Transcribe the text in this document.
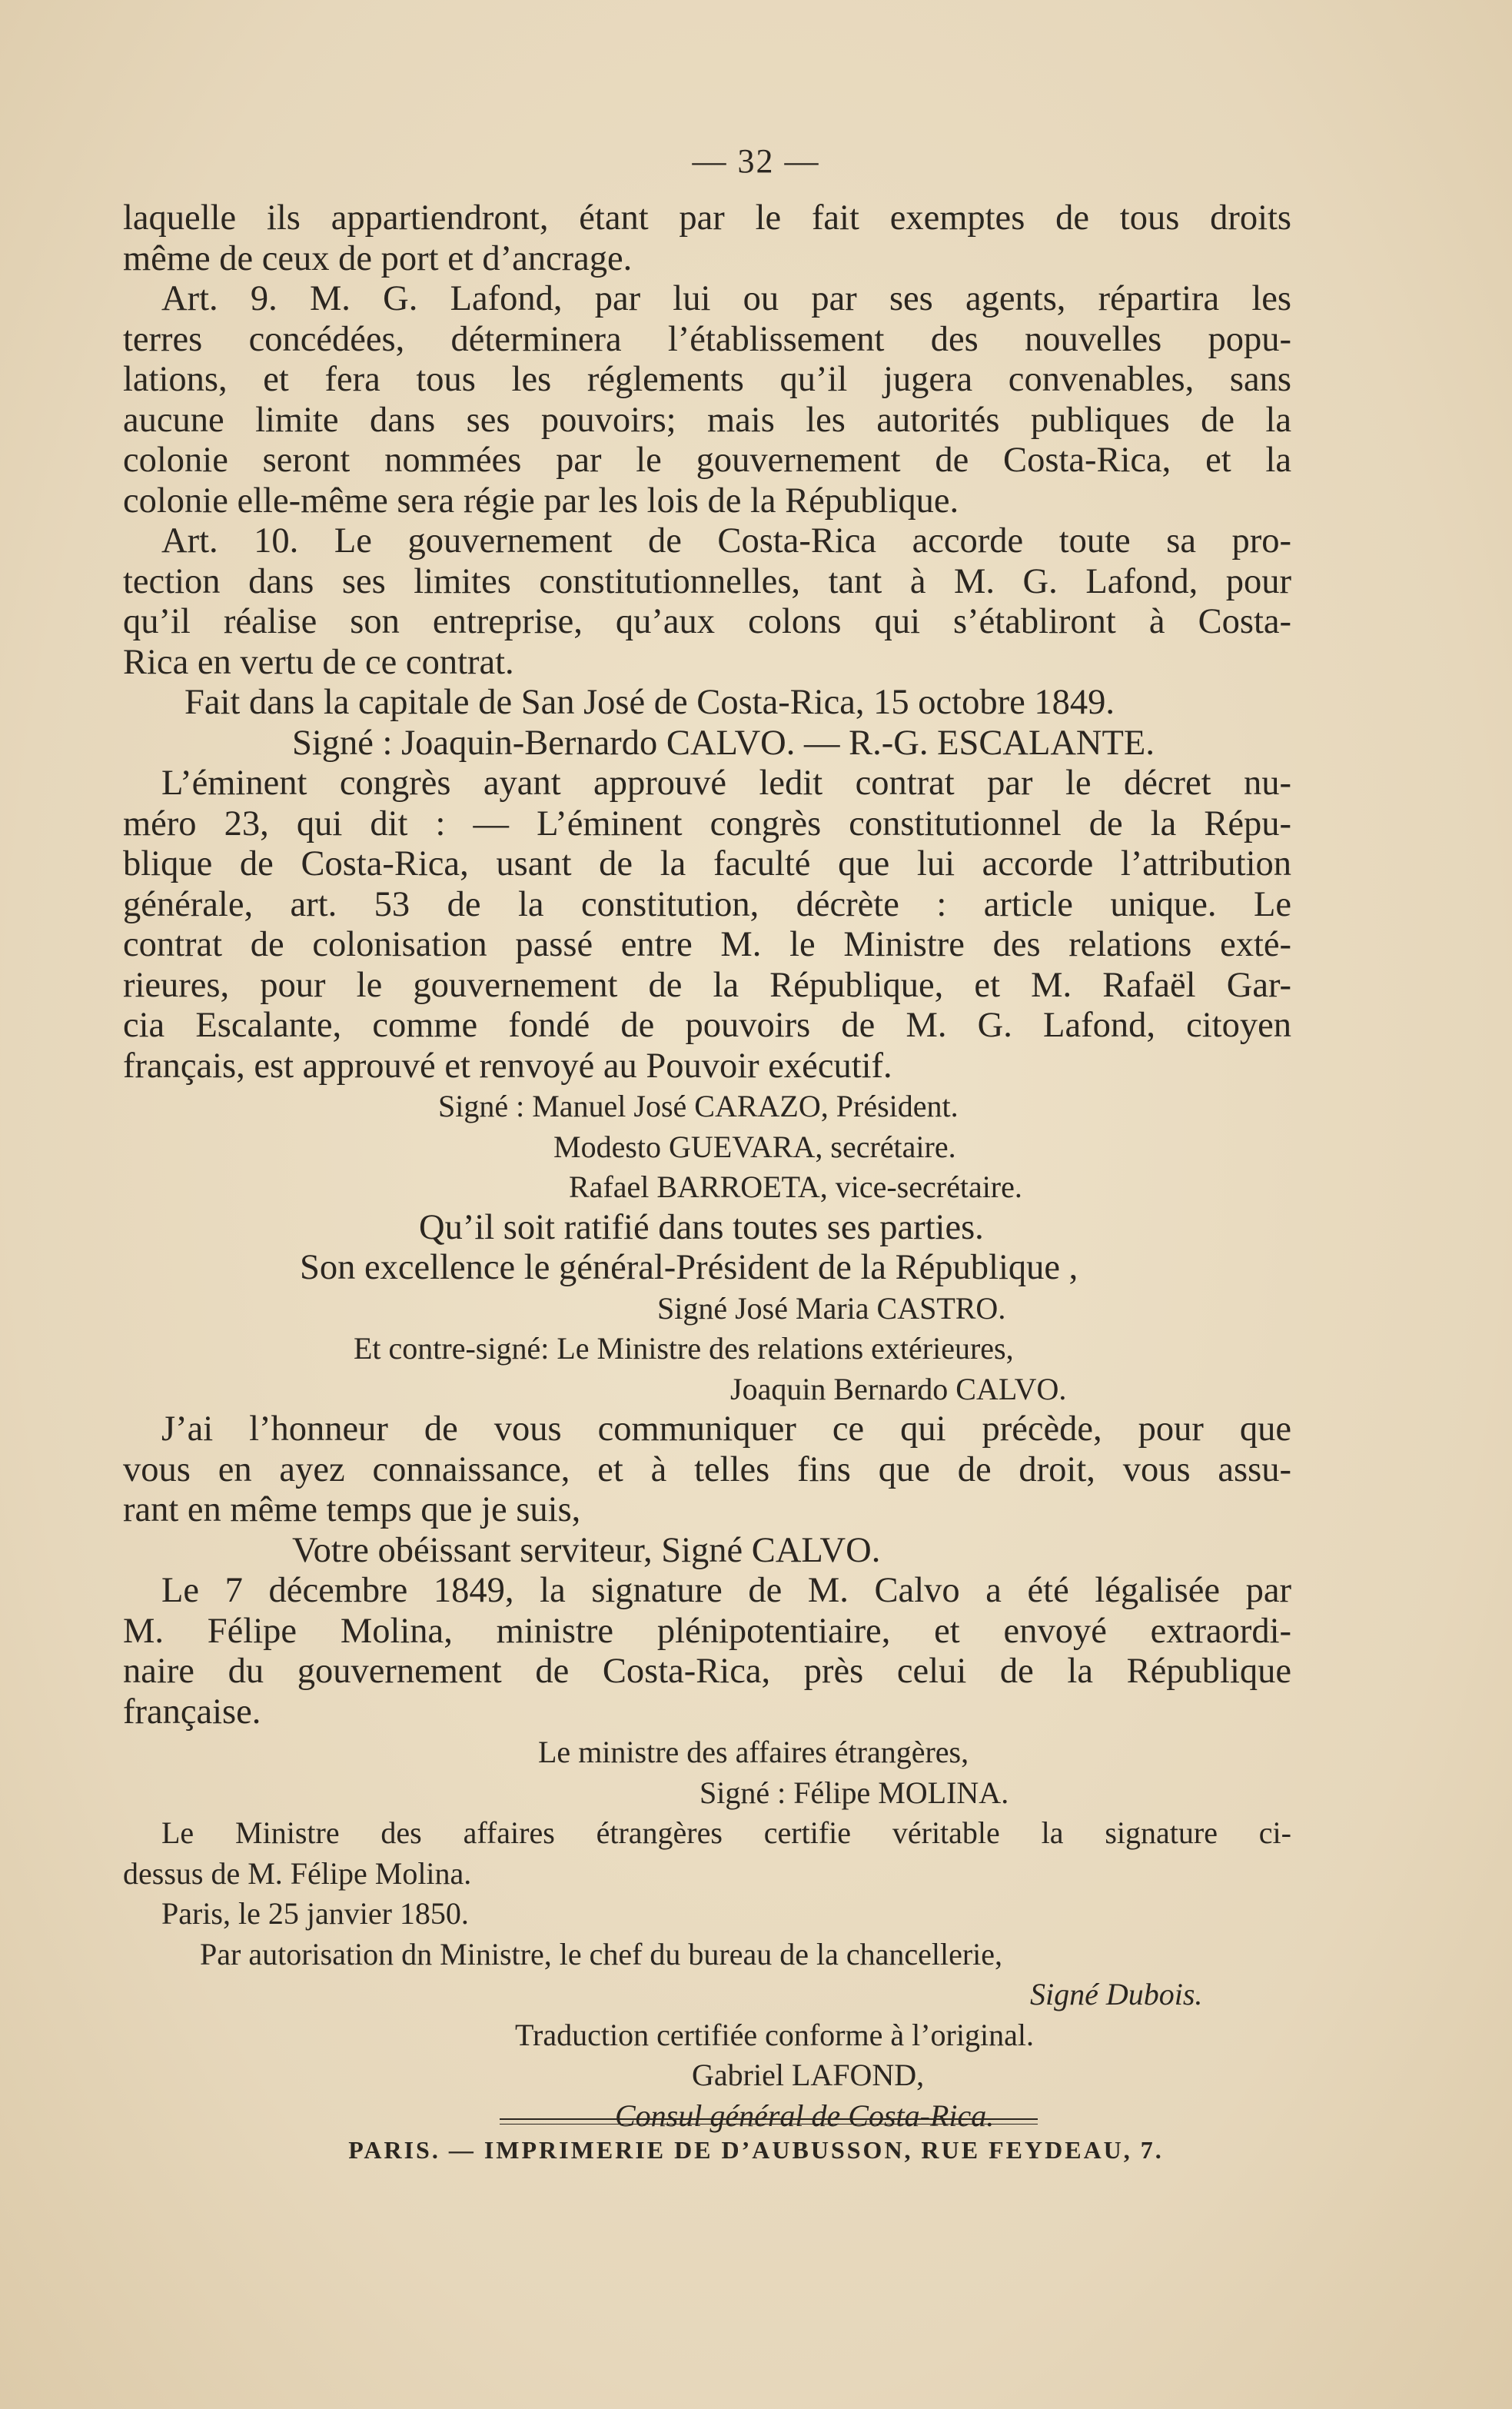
— 32 —
laquelle ils appartiendront, étant par le fait exemptes de tous droits
même de ceux de port et d’ancrage.
Art. 9. M. G. Lafond, par lui ou par ses agents, répartira les
terres concédées, déterminera l’établissement des nouvelles popu-
lations, et fera tous les réglements qu’il jugera convenables, sans
aucune limite dans ses pouvoirs; mais les autorités publiques de la
colonie seront nommées par le gouvernement de Costa-Rica, et la
colonie elle-même sera régie par les lois de la République.
Art. 10. Le gouvernement de Costa-Rica accorde toute sa pro-
tection dans ses limites constitutionnelles, tant à M. G. Lafond, pour
qu’il réalise son entreprise, qu’aux colons qui s’établiront à Costa-
Rica en vertu de ce contrat.
Fait dans la capitale de San José de Costa-Rica, 15 octobre 1849.
Signé : Joaquin-Bernardo CALVO. — R.-G. ESCALANTE.
L’éminent congrès ayant approuvé ledit contrat par le décret nu-
méro 23, qui dit : — L’éminent congrès constitutionnel de la Répu-
blique de Costa-Rica, usant de la faculté que lui accorde l’attribution
générale, art. 53 de la constitution, décrète : article unique. Le
contrat de colonisation passé entre M. le Ministre des relations exté-
rieures, pour le gouvernement de la République, et M. Rafaël Gar-
cia Escalante, comme fondé de pouvoirs de M. G. Lafond, citoyen
français, est approuvé et renvoyé au Pouvoir exécutif.
Signé : Manuel José CARAZO, Président.
Modesto GUEVARA, secrétaire.
Rafael BARROETA, vice-secrétaire.
Qu’il soit ratifié dans toutes ses parties.
Son excellence le général-Président de la République ,
Signé José Maria CASTRO.
Et contre-signé: Le Ministre des relations extérieures,
Joaquin Bernardo CALVO.
J’ai l’honneur de vous communiquer ce qui précède, pour que
vous en ayez connaissance, et à telles fins que de droit, vous assu-
rant en même temps que je suis,
Votre obéissant serviteur, Signé CALVO.
Le 7 décembre 1849, la signature de M. Calvo a été légalisée par
M. Félipe Molina, ministre plénipotentiaire, et envoyé extraordi-
naire du gouvernement de Costa-Rica, près celui de la République
française.
Le ministre des affaires étrangères,
Signé : Félipe MOLINA.
Le Ministre des affaires étrangères certifie véritable la signature ci-
dessus de M. Félipe Molina.
Paris, le 25 janvier 1850.
Par autorisation dn Ministre, le chef du bureau de la chancellerie,
Signé Dubois.
Traduction certifiée conforme à l’original.
Gabriel LAFOND,
Consul général de Costa-Rica.
PARIS. — IMPRIMERIE DE D’AUBUSSON, RUE FEYDEAU, 7.
